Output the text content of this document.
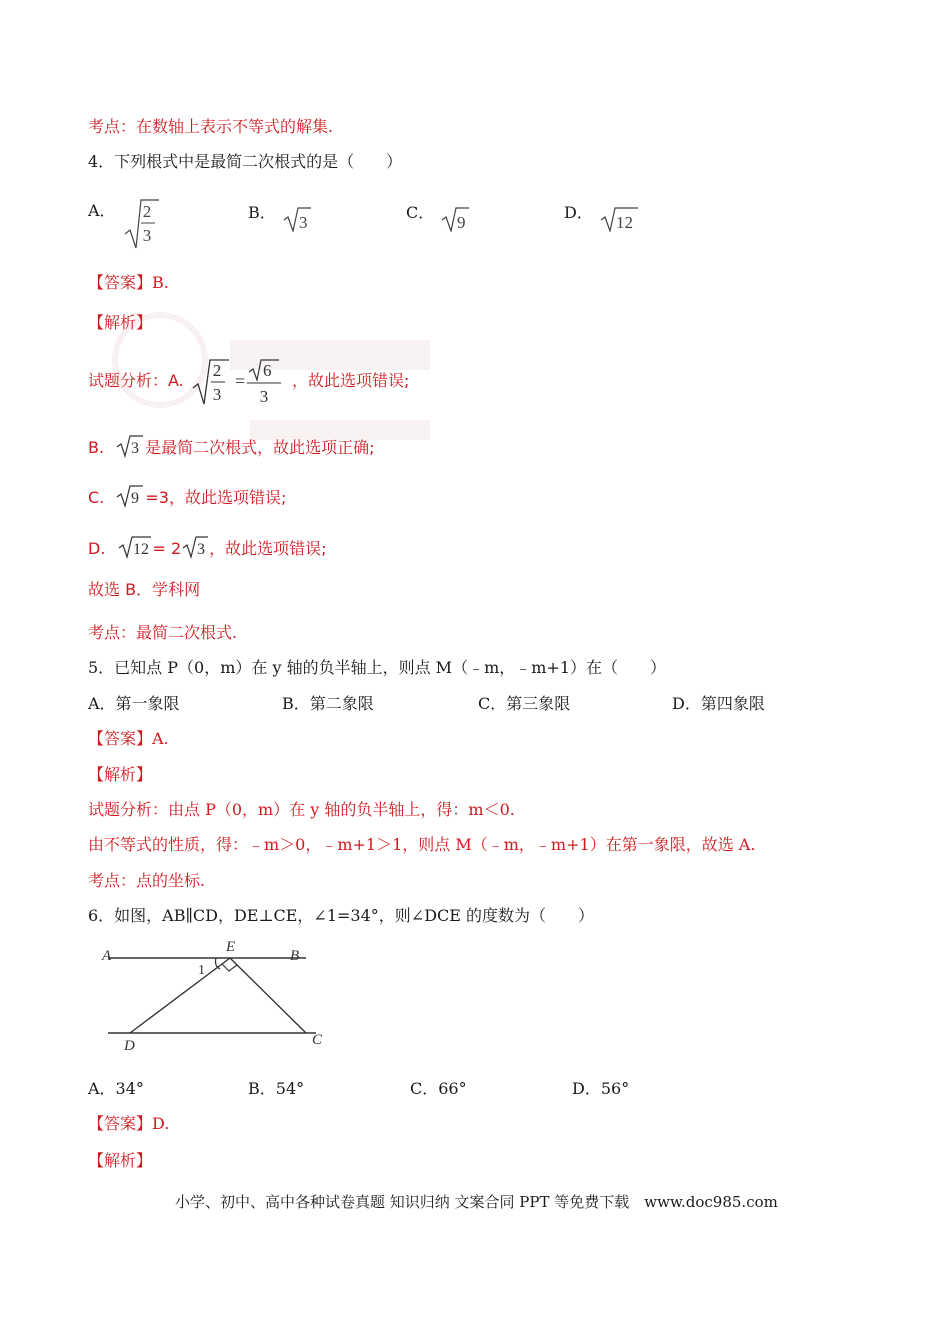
考点：在数轴上表示不等式的解集.
4．下列根式中是最简二次根式的是（　　）
A． 2
3
B．
3
C．
9
D．
12
【答案】B.
【解析】
试题分析：A.
2
3
=
6
3
，故此选项错误;
B. 3 是最简二次根式，故此选项正确;
C. 9 =3，故此选项错误;
D. 12 = 2 3 ，故此选项错误;
故选 B．学科网
考点：最简二次根式.
5．已知点 P（0，m）在 y 轴的负半轴上，则点 M（﹣m，﹣m+1）在（　　）
A．第一象限	B．第二象限	C．第三象限	D．第四象限
【答案】A.
【解析】
试题分析：由点 P（0，m）在 y 轴的负半轴上，得：m＜0.
由不等式的性质，得：﹣m＞0，﹣m+1＞1，则点 M（﹣m，﹣m+1）在第一象限，故选 A.
考点：点的坐标.
6．如图，AB∥CD，DE⊥CE，∠1=34°，则∠DCE 的度数为（　　）
A	B
E
1
D	C
A．34°	B．54°	C．66°	D．56°
【答案】D.
【解析】
小学、初中、高中各种试卷真题 知识归纳 文案合同 PPT 等免费下载　www.doc985.com
